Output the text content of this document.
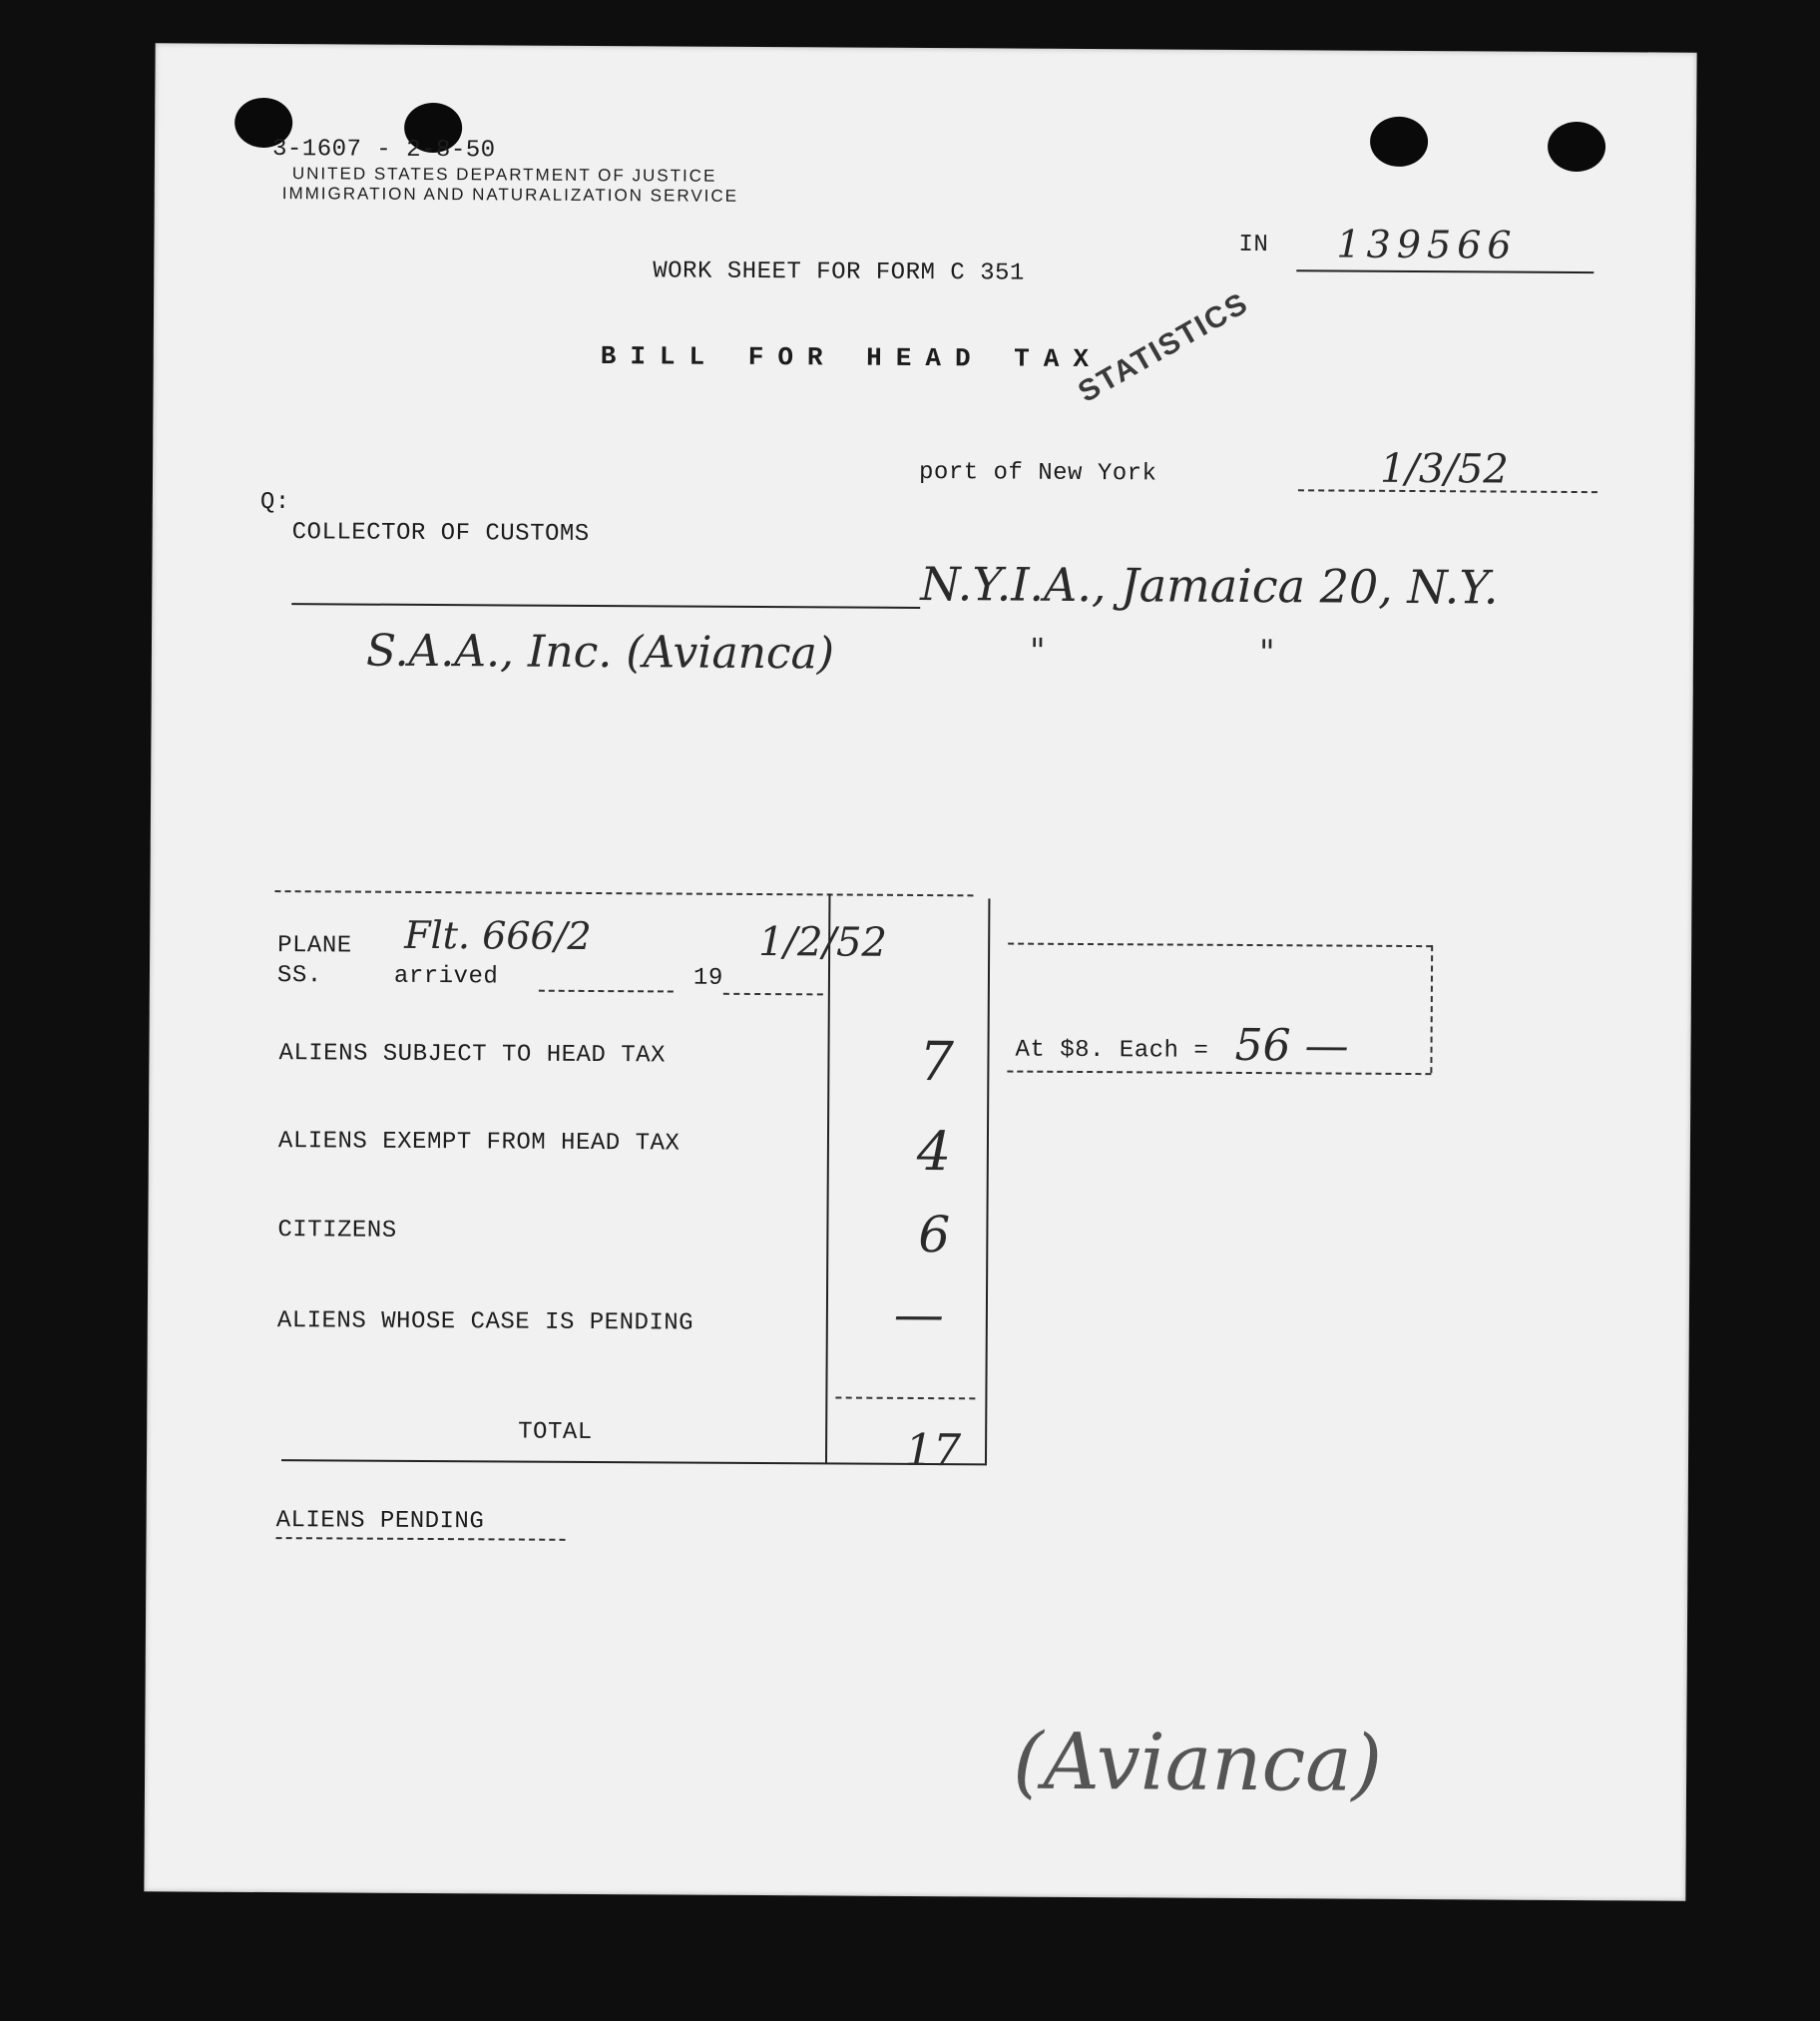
3-1607 - 2-8-50
UNITED STATES DEPARTMENT OF JUSTICE
IMMIGRATION AND NATURALIZATION SERVICE
IN 139566
WORK SHEET FOR FORM C 351
BILL FOR HEAD TAX
STATISTICS
port of New York	1/3/52
Q:
COLLECTOR OF CUSTOMS
N.Y.I.A., Jamaica 20, N.Y.
S.A.A., Inc. (Avianca)	"	"
PLANE Flt. 666/2	1/2/52
SS.	arrived	19
ALIENS SUBJECT TO HEAD TAX	7
ALIENS EXEMPT FROM HEAD TAX	4
CITIZENS	6
ALIENS WHOSE CASE IS PENDING	—
TOTAL	17
At $8. Each = 56 —
ALIENS PENDING
(Avianca)
